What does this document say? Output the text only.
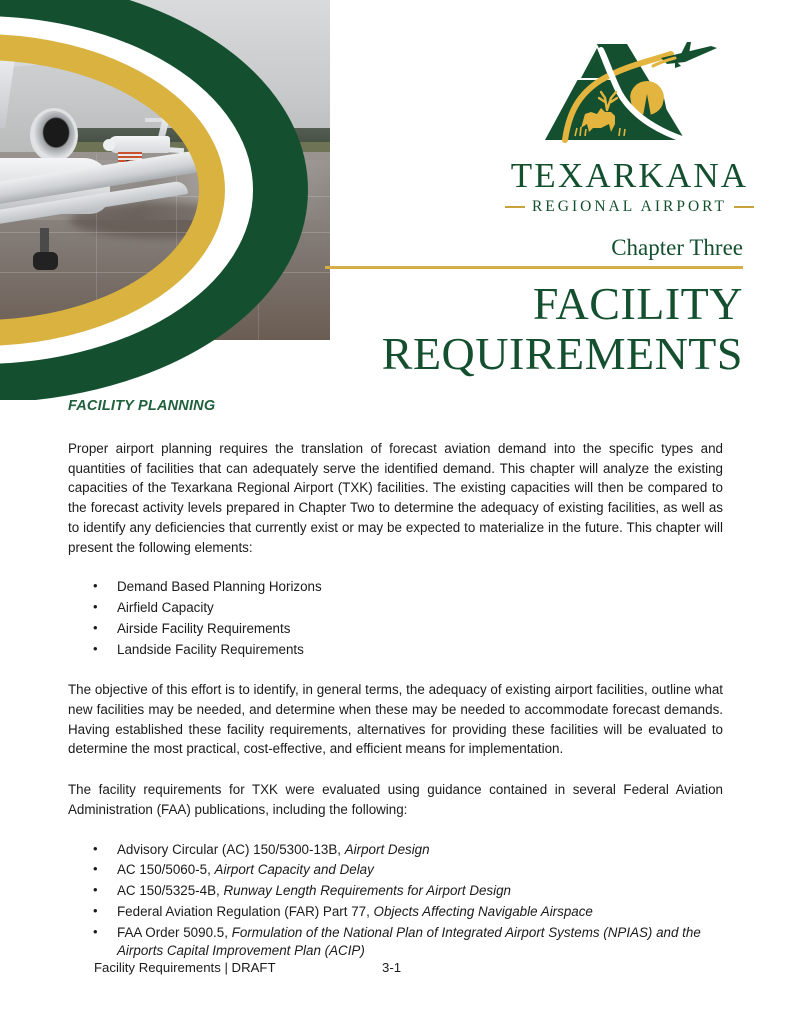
TEXARKANA
REGIONAL AIRPORT
Chapter Three
FACILITY
REQUIREMENTS
FACILITY PLANNING

Proper airport planning requires the translation of forecast aviation demand into the specific types and quantities of facilities that can adequately serve the identified demand. This chapter will analyze the existing capacities of the Texarkana Regional Airport (TXK) facilities. The existing capacities will then be compared to the forecast activity levels prepared in Chapter Two to determine the adequacy of existing facilities, as well as to identify any deficiencies that currently exist or may be expected to materialize in the future. This chapter will present the following elements:

• Demand Based Planning Horizons
• Airfield Capacity
• Airside Facility Requirements
• Landside Facility Requirements

The objective of this effort is to identify, in general terms, the adequacy of existing airport facilities, outline what new facilities may be needed, and determine when these may be needed to accommodate forecast demands. Having established these facility requirements, alternatives for providing these facilities will be evaluated to determine the most practical, cost-effective, and efficient means for implementation.

The facility requirements for TXK were evaluated using guidance contained in several Federal Aviation Administration (FAA) publications, including the following:

• Advisory Circular (AC) 150/5300-13B, Airport Design
• AC 150/5060-5, Airport Capacity and Delay
• AC 150/5325-4B, Runway Length Requirements for Airport Design
• Federal Aviation Regulation (FAR) Part 77, Objects Affecting Navigable Airspace
• FAA Order 5090.5, Formulation of the National Plan of Integrated Airport Systems (NPIAS) and the Airports Capital Improvement Plan (ACIP)
Facility Requirements | DRAFT	3-1
